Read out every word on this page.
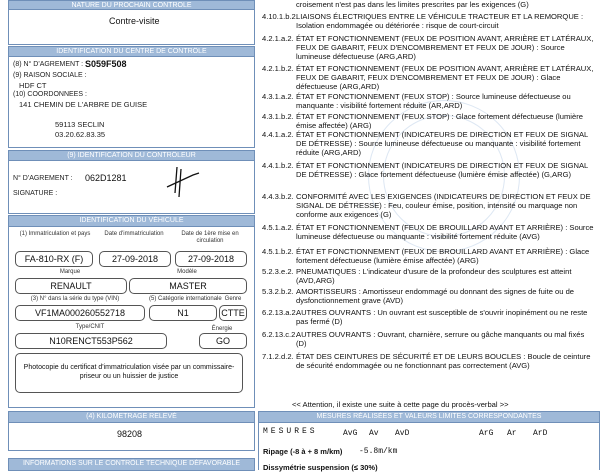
NATURE DU PROCHAIN CONTROLE
Contre-visite
IDENTIFICATION DU CENTRE DE CONTRÔLE
(8) N° D'AGREMENT : S059F508
(9) RAISON SOCIALE :
HDF CT
(10) COORDONNEES :
141 CHEMIN DE L'ARBRE DE GUISE
59113 SECLIN
03.20.62.83.35
(9) IDENTIFICATION DU CONTRÔLEUR
N° D'AGREMENT : 062D1281
SIGNATURE :
IDENTIFICATION DU VÉHICULE
(1) Immatriculation et pays	Date d'immatriculation	Date de 1ère mise en circulation
FA-810-RX (F)	27-09-2018	27-09-2018
Marque	Modèle
RENAULT	MASTER
(3) N° dans la série du type (VIN)	(5) Catégorie internationale Genre
VF1MA000260552718	N1	CTTE
Type/CNIT	Énergie
N10RENCT553P562	GO
Photocopie du certificat d'immatriculation visée par un commissaire-priseur ou un huissier de justice
(4) KILOMETRAGE RELEVÉ
98208
INFORMATIONS SUR LE CONTRÔLE TECHNIQUE DÉFAVORABLE
croisement n'est pas dans les limites prescrites par les exigences (G)
4.10.1.b.2.
LIAISONS ÉLECTRIQUES ENTRE LE VÉHICULE TRACTEUR ET LA REMORQUE : Isolation endommagée ou détériorée : risque de court-circuit
4.2.1.a.2. ÉTAT ET FONCTIONNEMENT (FEUX DE POSITION AVANT, ARRIÈRE ET LATÉRAUX, FEUX DE GABARIT, FEUX D'ENCOMBREMENT ET FEUX DE JOUR) : Source lumineuse défectueuse (ARG,ARD)
4.2.1.b.2. ÉTAT ET FONCTIONNEMENT (FEUX DE POSITION AVANT, ARRIÈRE ET LATÉRAUX, FEUX DE GABARIT, FEUX D'ENCOMBREMENT ET FEUX DE JOUR) : Glace défectueuse (ARG,ARD)
4.3.1.a.2. ÉTAT ET FONCTIONNEMENT (FEUX STOP) : Source lumineuse défectueuse ou manquante : visibilité fortement réduite (AR,ARD)
4.3.1.b.2. ÉTAT ET FONCTIONNEMENT (FEUX STOP) : Glace fortement défectueuse (lumière émise affectée) (ARG)
4.4.1.a.2. ÉTAT ET FONCTIONNEMENT (INDICATEURS DE DIRECTION ET FEUX DE SIGNAL DE DÉTRESSE) : Source lumineuse défectueuse ou manquante : visibilité fortement réduite (ARG,ARD)
4.4.1.b.2. ÉTAT ET FONCTIONNEMENT (INDICATEURS DE DIRECTION ET FEUX DE SIGNAL DE DÉTRESSE) : Glace fortement défectueuse (lumière émise affectée) (G,ARG)
4.4.3.b.2. CONFORMITÉ AVEC LES EXIGENCES (INDICATEURS DE DIRECTION ET FEUX DE SIGNAL DE DÉTRESSE) : Feu, couleur émise, position, intensité ou marquage non conforme aux exigences (G)
4.5.1.a.2. ÉTAT ET FONCTIONNEMENT (FEUX DE BROUILLARD AVANT ET ARRIÈRE) : Source lumineuse défectueuse ou manquante : visibilité fortement réduite (AVG)
4.5.1.b.2. ÉTAT ET FONCTIONNEMENT (FEUX DE BROUILLARD AVANT ET ARRIÈRE) : Glace fortement défectueuse (lumière émise affectée) (ARG)
5.2.3.e.2. PNEUMATIQUES : L'indicateur d'usure de la profondeur des sculptures est atteint (AVD,ARG)
5.3.2.b.2. AMORTISSEURS : Amortisseur endommagé ou donnant des signes de fuite ou de dysfonctionnement grave (AVD)
6.2.13.a.2.
AUTRES OUVRANTS : Un ouvrant est susceptible de s'ouvrir inopinément ou ne reste pas fermé (D)
6.2.13.c.2.
AUTRES OUVRANTS : Ouvrant, charnière, serrure ou gâche manquants ou mal fixés (D)
7.1.2.d.2. ÉTAT DES CEINTURES DE SÉCURITÉ ET DE LEURS BOUCLES : Boucle de ceinture de sécurité endommagée ou ne fonctionnant pas correctement (AVG)
<< Attention, il existe une suite à cette page du procès-verbal >>
MESURES RÉALISÉES ET VALEURS LIMITES CORRESPONDANTES
MESURES	AvG Av AvD	ArG Ar ArD
Ripage (-8 à + 8 m/km) -5.8m/km
Dissymétrie suspension (≤ 30%)
